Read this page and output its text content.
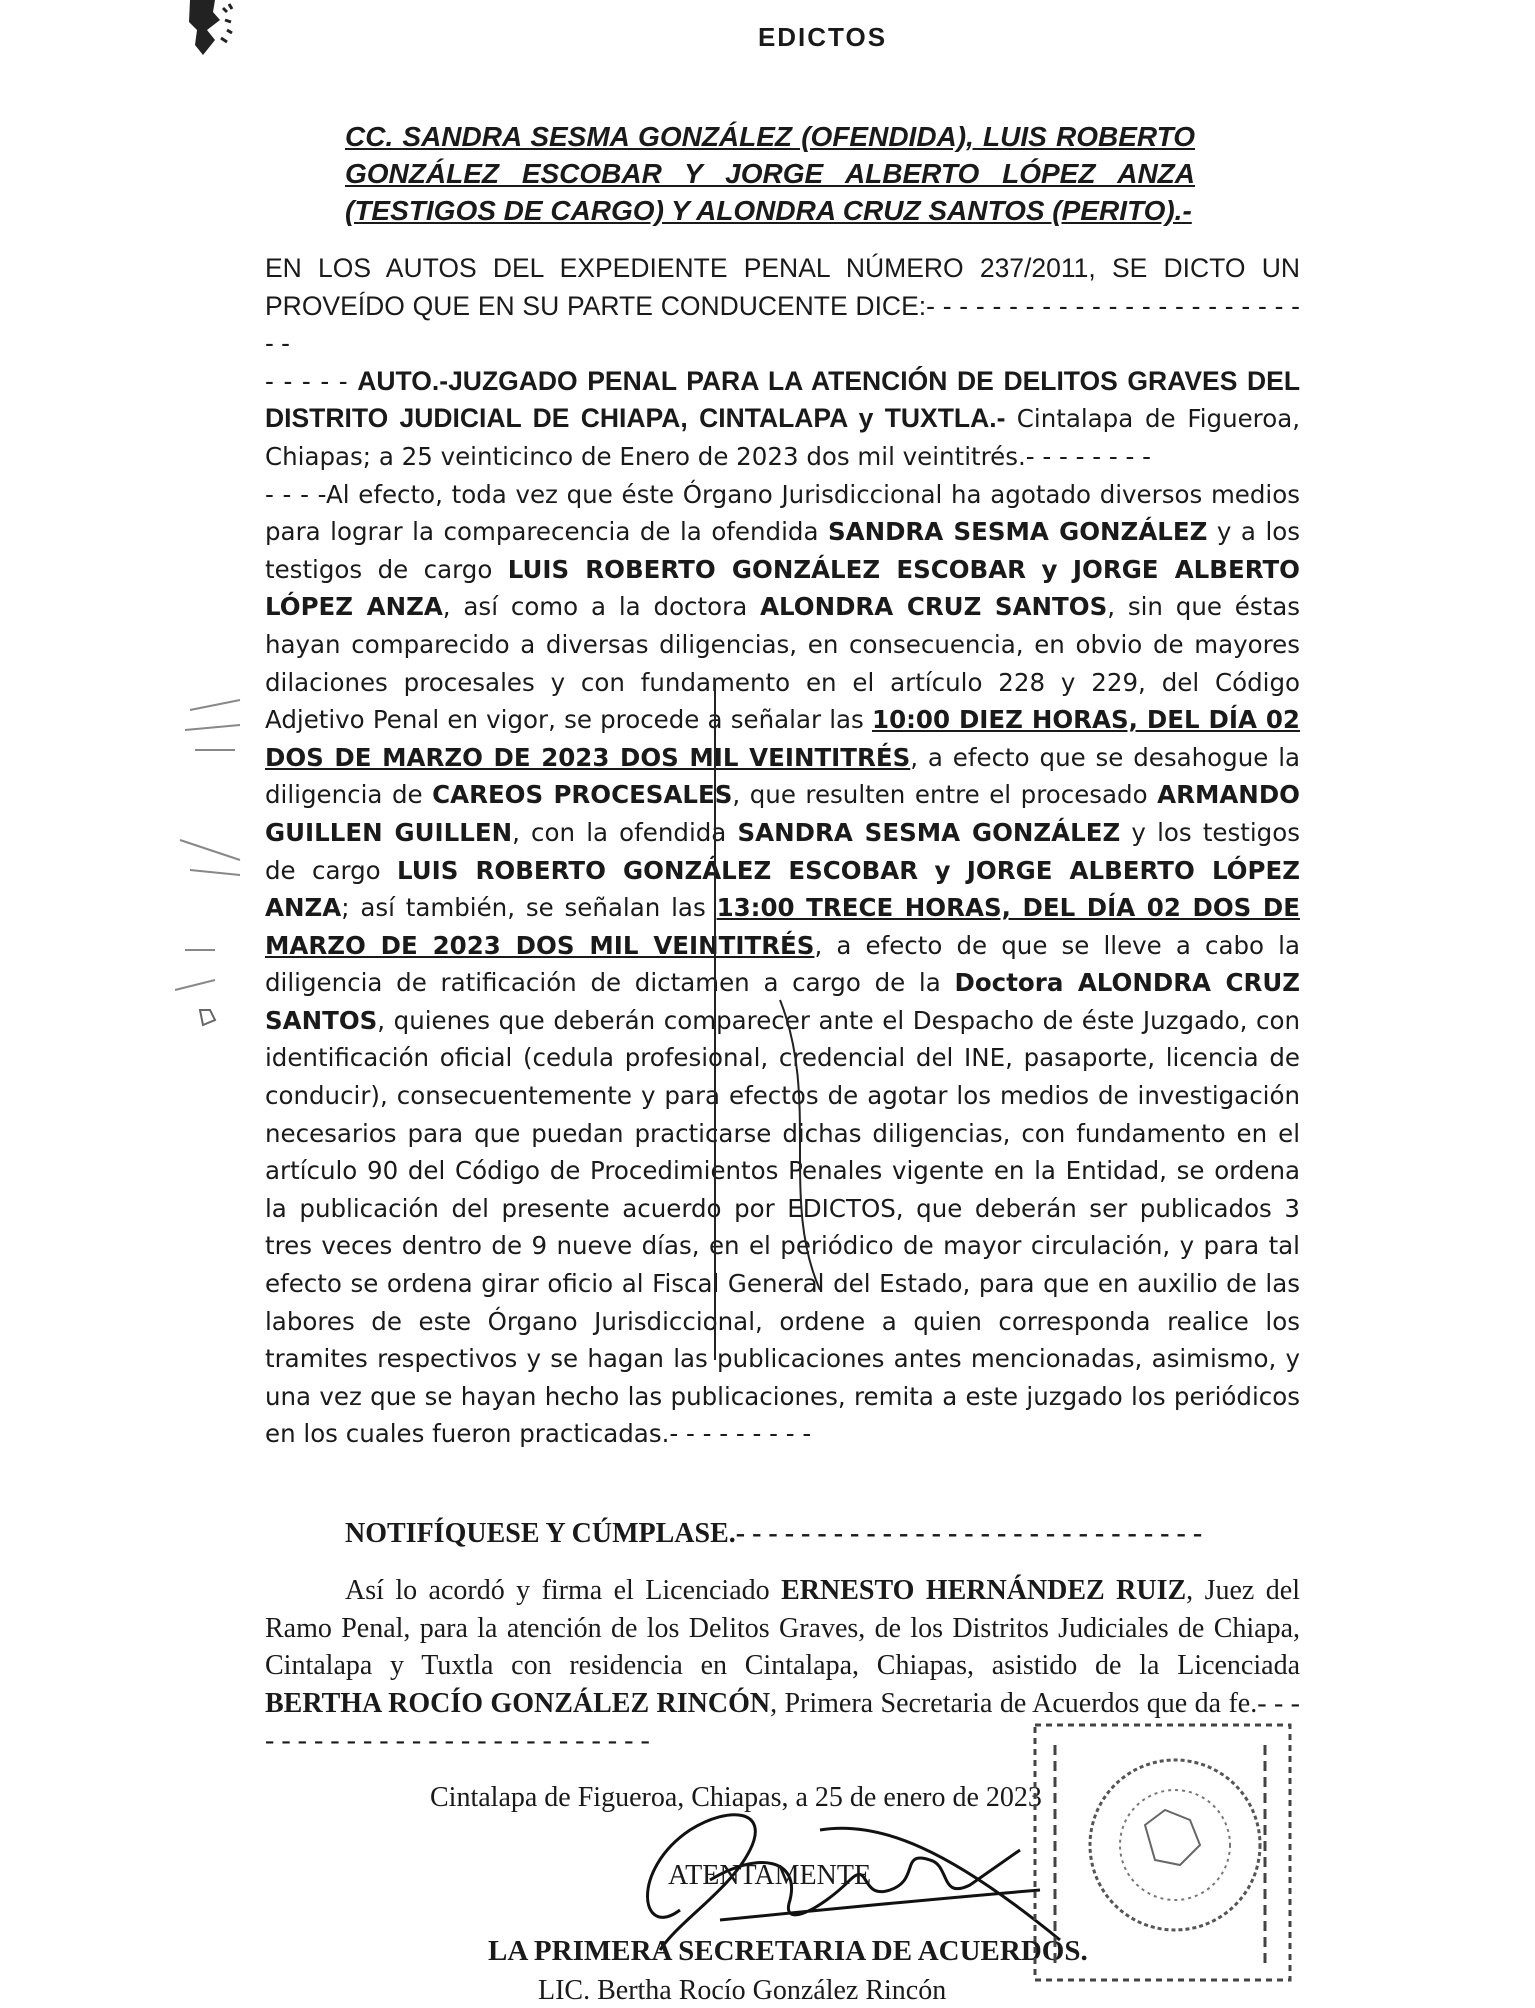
EDICTOS
CC. SANDRA SESMA GONZÁLEZ (OFENDIDA), LUIS ROBERTO GONZÁLEZ ESCOBAR Y JORGE ALBERTO LÓPEZ ANZA (TESTIGOS DE CARGO) Y ALONDRA CRUZ SANTOS (PERITO).-

EN LOS AUTOS DEL EXPEDIENTE PENAL NÚMERO 237/2011, SE DICTO UN PROVEÍDO QUE EN SU PARTE CONDUCENTE DICE:- - - - - - - - - - - - - - - - - - - - - - - - -

- - - - - AUTO.-JUZGADO PENAL PARA LA ATENCIÓN DE DELITOS GRAVES DEL DISTRITO JUDICIAL DE CHIAPA, CINTALAPA y TUXTLA.- Cintalapa de Figueroa, Chiapas; a 25 veinticinco de Enero de 2023 dos mil veintitrés.- - - - - - - -

- - - -Al efecto, toda vez que éste Órgano Jurisdiccional ha agotado diversos medios para lograr la comparecencia de la ofendida SANDRA SESMA GONZÁLEZ y a los testigos de cargo LUIS ROBERTO GONZÁLEZ ESCOBAR y JORGE ALBERTO LÓPEZ ANZA, así como a la doctora ALONDRA CRUZ SANTOS, sin que éstas hayan comparecido a diversas diligencias, en consecuencia, en obvio de mayores dilaciones procesales y con fundamento en el artículo 228 y 229, del Código Adjetivo Penal en vigor, se procede a señalar las 10:00 DIEZ HORAS, DEL DÍA 02 DOS DE MARZO DE 2023 DOS MIL VEINTITRÉS, a efecto que se desahogue la diligencia de CAREOS PROCESALES, que resulten entre el procesado ARMANDO GUILLEN GUILLEN, con la ofendida SANDRA SESMA GONZÁLEZ y los testigos de cargo LUIS ROBERTO GONZÁLEZ ESCOBAR y JORGE ALBERTO LÓPEZ ANZA; así también, se señalan las 13:00 TRECE HORAS, DEL DÍA 02 DOS DE MARZO DE 2023 DOS MIL VEINTITRÉS, a efecto de que se lleve a cabo la diligencia de ratificación de dictamen a cargo de la Doctora ALONDRA CRUZ SANTOS, quienes que deberán comparecer ante el Despacho de éste Juzgado, con identificación oficial (cedula profesional, credencial del INE, pasaporte, licencia de conducir), consecuentemente y para efectos de agotar los medios de investigación necesarios para que puedan practicarse dichas diligencias, con fundamento en el artículo 90 del Código de Procedimientos Penales vigente en la Entidad, se ordena la publicación del presente acuerdo por EDICTOS, que deberán ser publicados 3 tres veces dentro de 9 nueve días, en el periódico de mayor circulación, y para tal efecto se ordena girar oficio al Fiscal General del Estado, para que en auxilio de las labores de este Órgano Jurisdiccional, ordene a quien corresponda realice los tramites respectivos y se hagan las publicaciones antes mencionadas, asimismo, y una vez que se hayan hecho las publicaciones, remita a este juzgado los periódicos en los cuales fueron practicadas.- - - - - - - - -

NOTIFÍQUESE Y CÚMPLASE.- - - - - - - - - - - - - - - - - - - - - - - - - - - - -

Así lo acordó y firma el Licenciado ERNESTO HERNÁNDEZ RUIZ, Juez del Ramo Penal, para la atención de los Delitos Graves, de los Distritos Judiciales de Chiapa, Cintalapa y Tuxtla con residencia en Cintalapa, Chiapas, asistido de la Licenciada BERTHA ROCÍO GONZÁLEZ RINCÓN, Primera Secretaria de Acuerdos que da fe.- - - - - - - - - - - - - - - - - - - - - - - - - - -

Cintalapa de Figueroa, Chiapas, a 25 de enero de 2023
ATENTAMENTE
LA PRIMERA SECRETARIA DE ACUERDOS.
LIC. Bertha Rocío González Rincón
